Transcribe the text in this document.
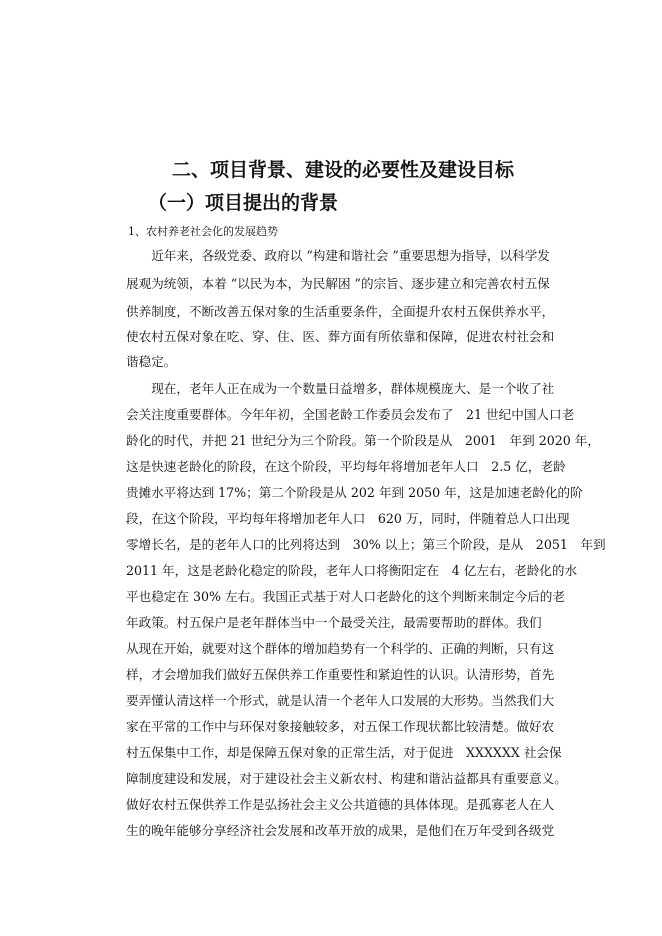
二、项目背景、建设的必要性及建设目标
（一）项目提出的背景
1、农村养老社会化的发展趋势
　　近年来，各级党委、政府以 “构建和谐社会 ”重要思想为指导，以科学发
展观为统领，本着 “以民为本，为民解困 ”的宗旨、逐步建立和完善农村五保
供养制度，不断改善五保对象的生活重要条件，全面提升农村五保供养水平，
使农村五保对象在吃、穿、住、医、葬方面有所依靠和保障，促进农村社会和
谐稳定。
　　现在，老年人正在成为一个数量日益增多，群体规模庞大、是一个收了社
会关注度重要群体。今年年初，全国老龄工作委员会发布了　21 世纪中国人口老
龄化的时代，并把 21 世纪分为三个阶段。第一个阶段是从　2001　年到 2020 年，
这是快速老龄化的阶段，在这个阶段，平均每年将增加老年人口　2.5 亿，老龄
贵摊水平将达到 17%；第二个阶段是从 202 年到 2050 年，这是加速老龄化的阶
段，在这个阶段，平均每年将增加老年人口　620 万，同时，伴随着总人口出现
零增长名，是的老年人口的比列将达到　30% 以上；第三个阶段，是从　2051　年到
2011 年，这是老龄化稳定的阶段，老年人口将衡阳定在　4 亿左右，老龄化的水
平也稳定在 30% 左右。我国正式基于对人口老龄化的这个判断来制定今后的老
年政策。村五保户是老年群体当中一个最受关注，最需要帮助的群体。我们
从现在开始，就要对这个群体的增加趋势有一个科学的、正确的判断，只有这
样，才会增加我们做好五保供养工作重要性和紧迫性的认识。认清形势，首先
要弄懂认清这样一个形式，就是认清一个老年人口发展的大形势。当然我们大
家在平常的工作中与环保对象接触较多，对五保工作现状都比较清楚。做好农
村五保集中工作，却是保障五保对象的正常生活，对于促进　XXXXXX 社会保
障制度建设和发展，对于建设社会主义新农村、构建和谐沾益都具有重要意义。
做好农村五保供养工作是弘扬社会主义公共道德的具体体现。是孤寡老人在人
生的晚年能够分享经济社会发展和改革开放的成果，是他们在万年受到各级党
